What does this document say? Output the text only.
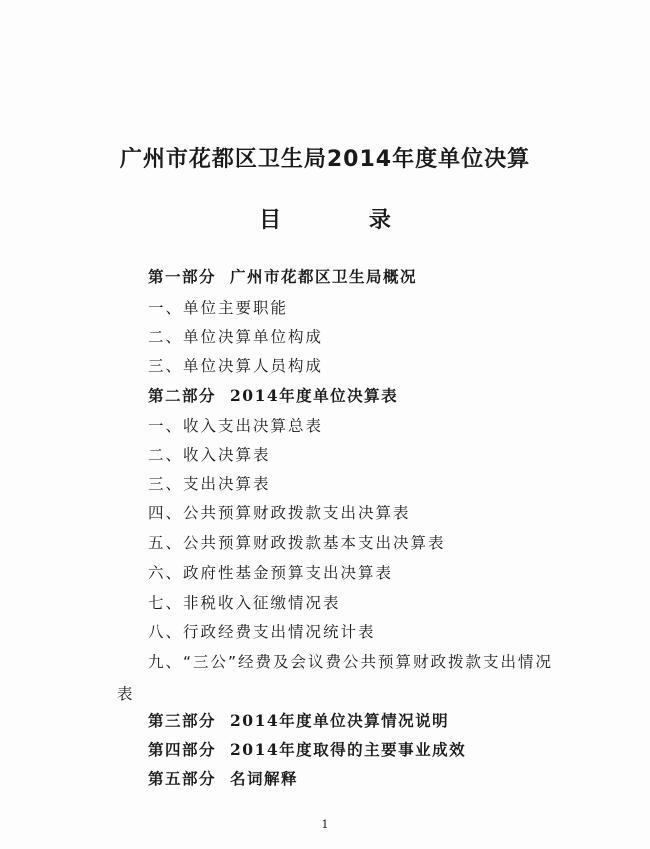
广州市花都区卫生局2014年度单位决算
目 录
第一部分 广州市花都区卫生局概况
一、单位主要职能
二、单位决算单位构成
三、单位决算人员构成
第二部分 2014年度单位决算表
一、收入支出决算总表
二、收入决算表
三、支出决算表
四、公共预算财政拨款支出决算表
五、公共预算财政拨款基本支出决算表
六、政府性基金预算支出决算表
七、非税收入征缴情况表
八、行政经费支出情况统计表
九、“三公”经费及会议费公共预算财政拨款支出情况
表
第三部分 2014年度单位决算情况说明
第四部分 2014年度取得的主要事业成效
第五部分 名词解释
1
